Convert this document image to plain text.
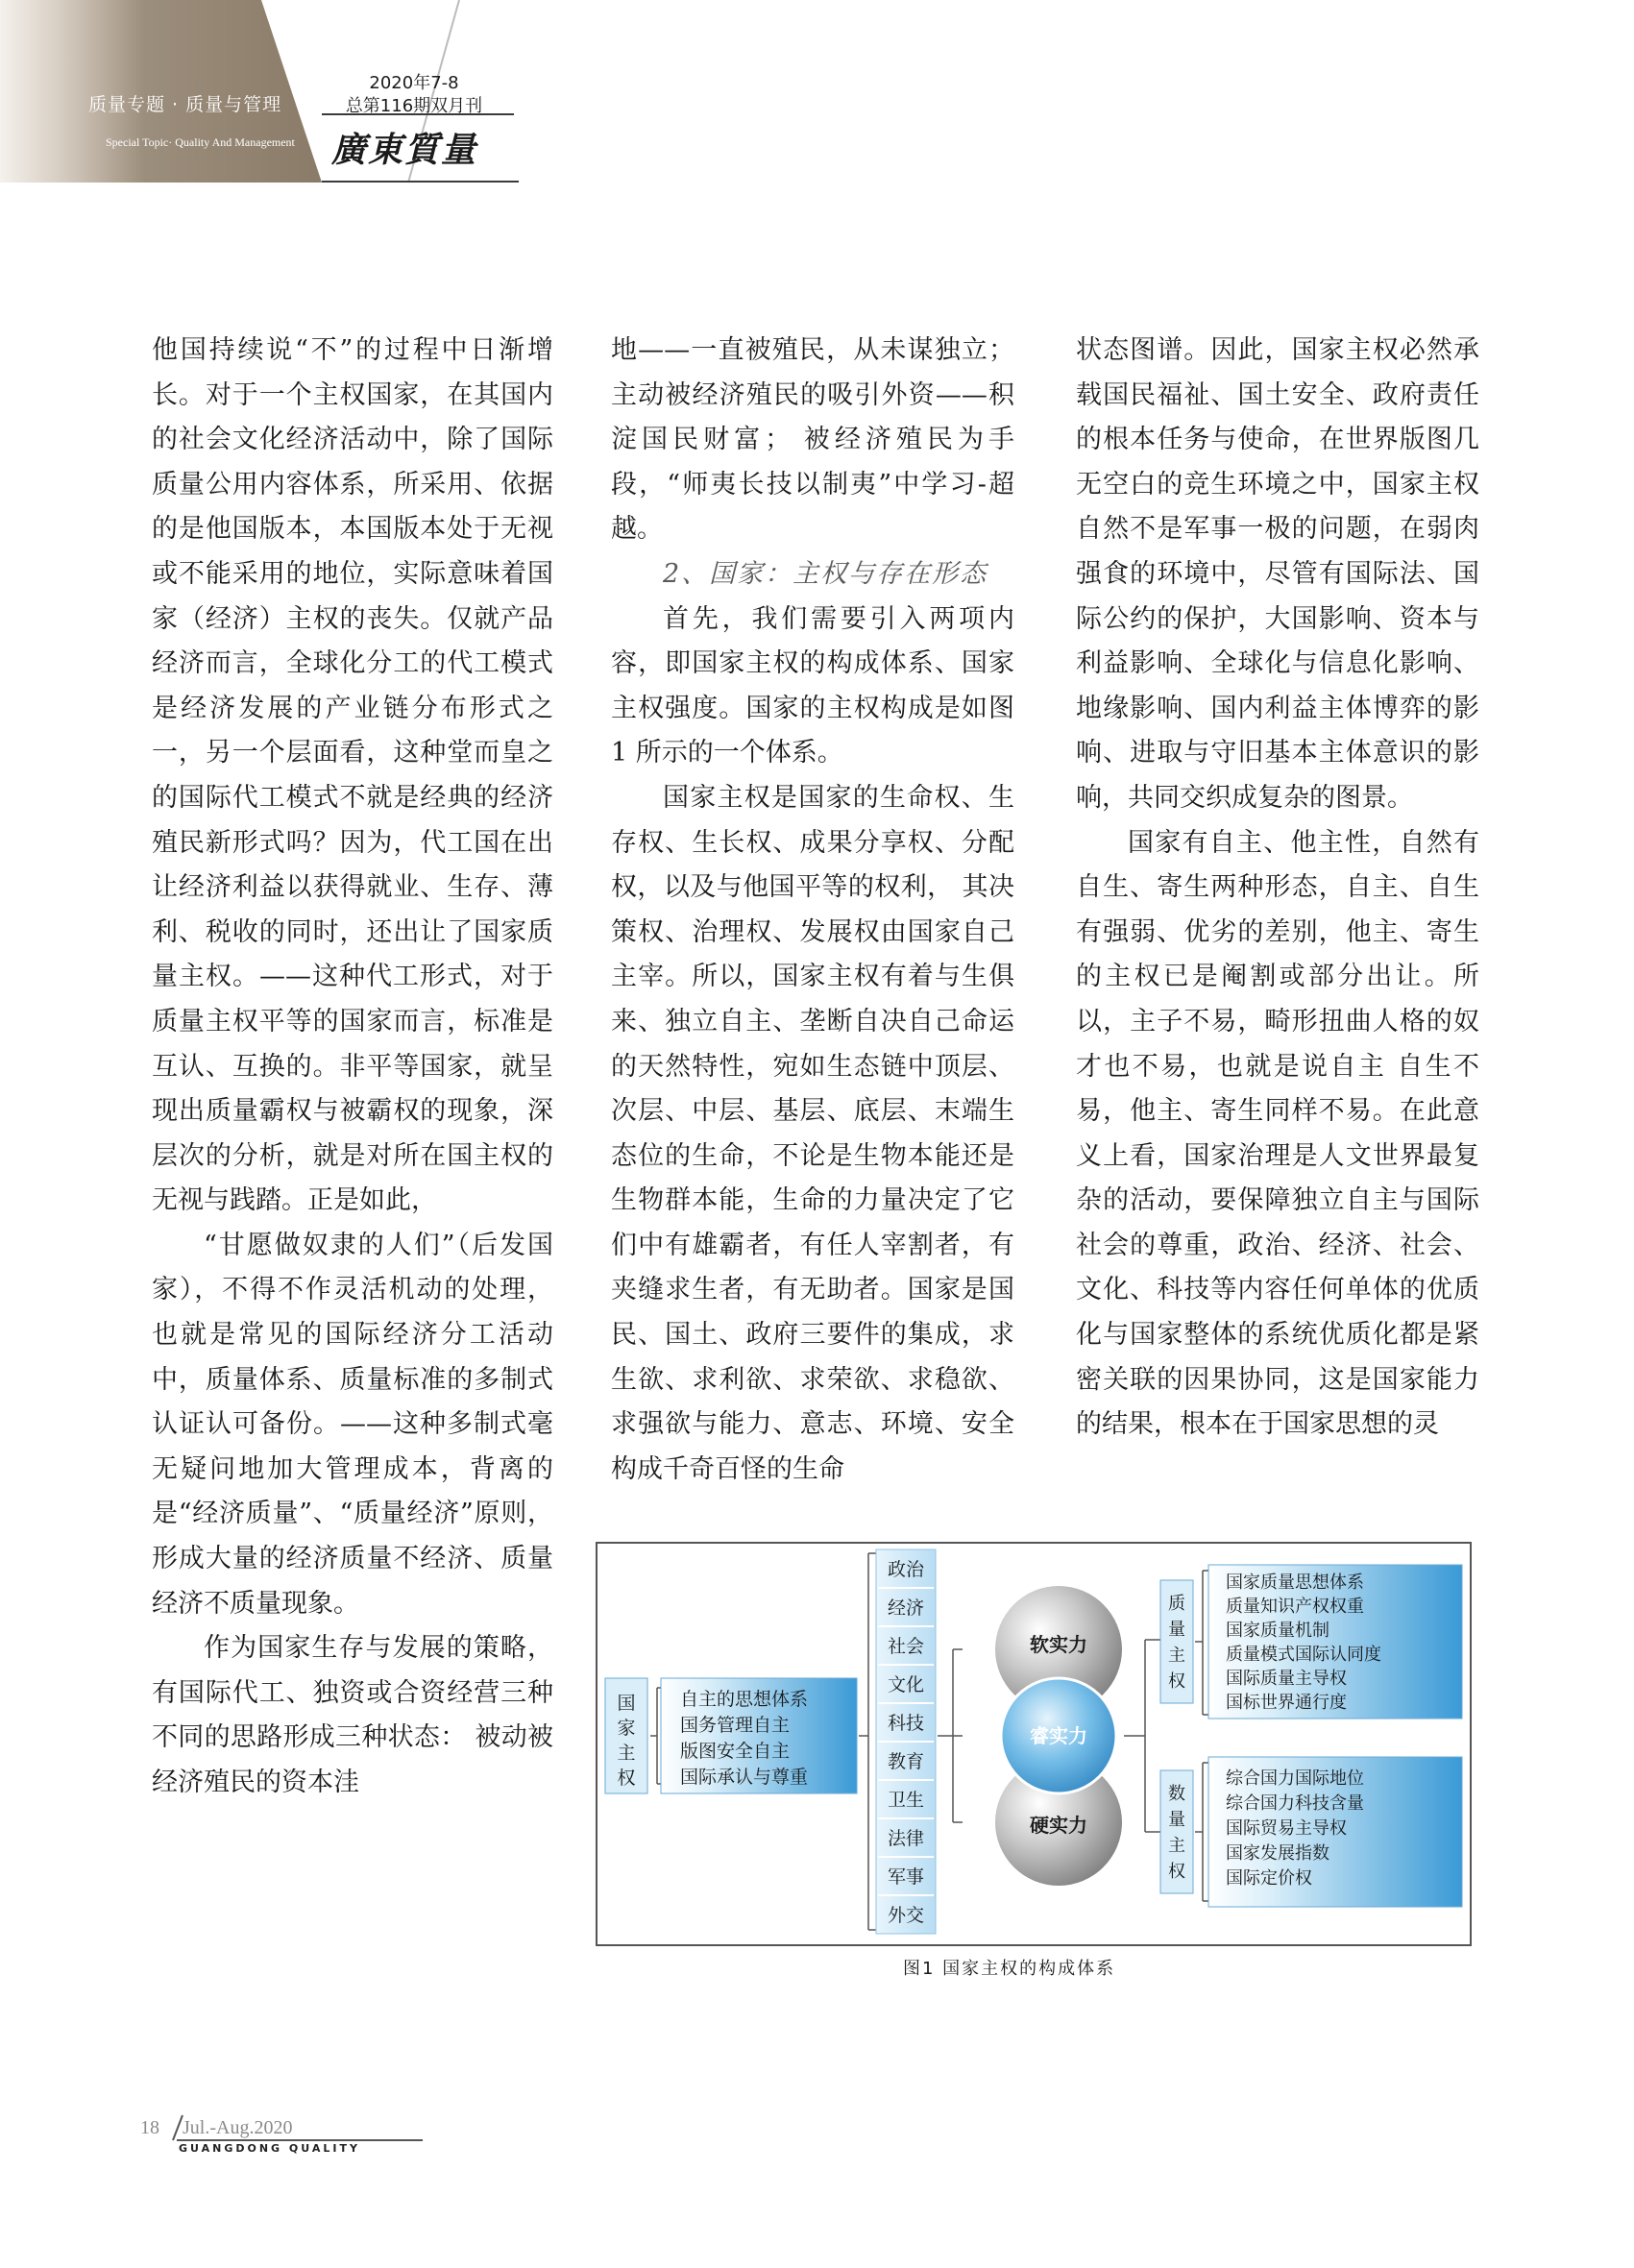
质量专题 · 质量与管理
Special Topic· Quality And Management
2020年7-8
总第116期双月刊
廣東質量

他国持续说“不”的过程中日渐增长。对于一个主权国家，在其国内的社会文化经济活动中，除了国际质量公用内容体系，所采用、依据的是他国版本，本国版本处于无视或不能采用的地位，实际意味着国家（经济）主权的丧失。仅就产品经济而言，全球化分工的代工模式是经济发展的产业链分布形式之一，另一个层面看，这种堂而皇之的国际代工模式不就是经典的经济殖民新形式吗？因为，代工国在出让经济利益以获得就业、生存、薄利、税收的同时，还出让了国家质量主权。——这种代工形式，对于质量主权平等的国家而言，标准是互认、互换的。非平等国家，就呈现出质量霸权与被霸权的现象，深层次的分析，就是对所在国主权的无视与践踏。正是如此，

“甘愿做奴隶的人们”（后发国家），不得不作灵活机动的处理，也就是常见的国际经济分工活动中，质量体系、质量标准的多制式认证认可备份。——这种多制式毫无疑问地加大管理成本，背离的是“经济质量”、“质量经济”原则，形成大量的经济质量不经济、质量经济不质量现象。

作为国家生存与发展的策略，有国际代工、独资或合资经营三种不同的思路形成三种状态： 被动被经济殖民的资本洼

地——一直被殖民，从未谋独立；主动被经济殖民的吸引外资——积淀国民财富； 被经济殖民为手段，“师夷长技以制夷”中学习-超越。

2、国家：主权与存在形态

首先，我们需要引入两项内容，即国家主权的构成体系、国家主权强度。国家的主权构成是如图 1 所示的一个体系。

国家主权是国家的生命权、生存权、生长权、成果分享权、分配权，以及与他国平等的权利， 其决策权、治理权、发展权由国家自己主宰。所以，国家主权有着与生俱来、独立自主、垄断自决自己命运的天然特性，宛如生态链中顶层、次层、中层、基层、底层、末端生态位的生命，不论是生物本能还是生物群本能，生命的力量决定了它们中有雄霸者，有任人宰割者，有夹缝求生者，有无助者。国家是国民、国土、政府三要件的集成，求生欲、求利欲、求荣欲、求稳欲、求强欲与能力、意志、环境、安全构成千奇百怪的生命

状态图谱。因此，国家主权必然承载国民福祉、国土安全、政府责任的根本任务与使命，在世界版图几无空白的竞生环境之中，国家主权自然不是军事一极的问题，在弱肉强食的环境中，尽管有国际法、国际公约的保护，大国影响、资本与利益影响、全球化与信息化影响、地缘影响、国内利益主体博弈的影响、进取与守旧基本主体意识的影响，共同交织成复杂的图景。

国家有自主、他主性，自然有自生、寄生两种形态，自主、自生有强弱、优劣的差别，他主、寄生的主权已是阉割或部分出让。所以，主子不易，畸形扭曲人格的奴才也不易，也就是说自主 自生不易，他主、寄生同样不易。在此意义上看，国家治理是人文世界最复杂的活动，要保障独立自主与国际社会的尊重，政治、经济、社会、文化、科技等内容任何单体的优质化与国家整体的系统优质化都是紧密关联的因果协同，这是国家能力的结果，根本在于国家思想的灵

国家主权
自主的思想体系
国务管理自主
版图安全自主
国际承认与尊重
政治
经济
社会
文化
科技
教育
卫生
法律
军事
外交
软实力
睿实力
硬实力
质量主权
国家质量思想体系
质量知识产权权重
国家质量机制
质量模式国际认同度
国际质量主导权
国标世界通行度
数量主权
综合国力国际地位
综合国力科技含量
国际贸易主导权
国家发展指数
国际定价权
图1 国家主权的构成体系
18 Jul.-Aug.2020
GUANGDONG QUALITY
